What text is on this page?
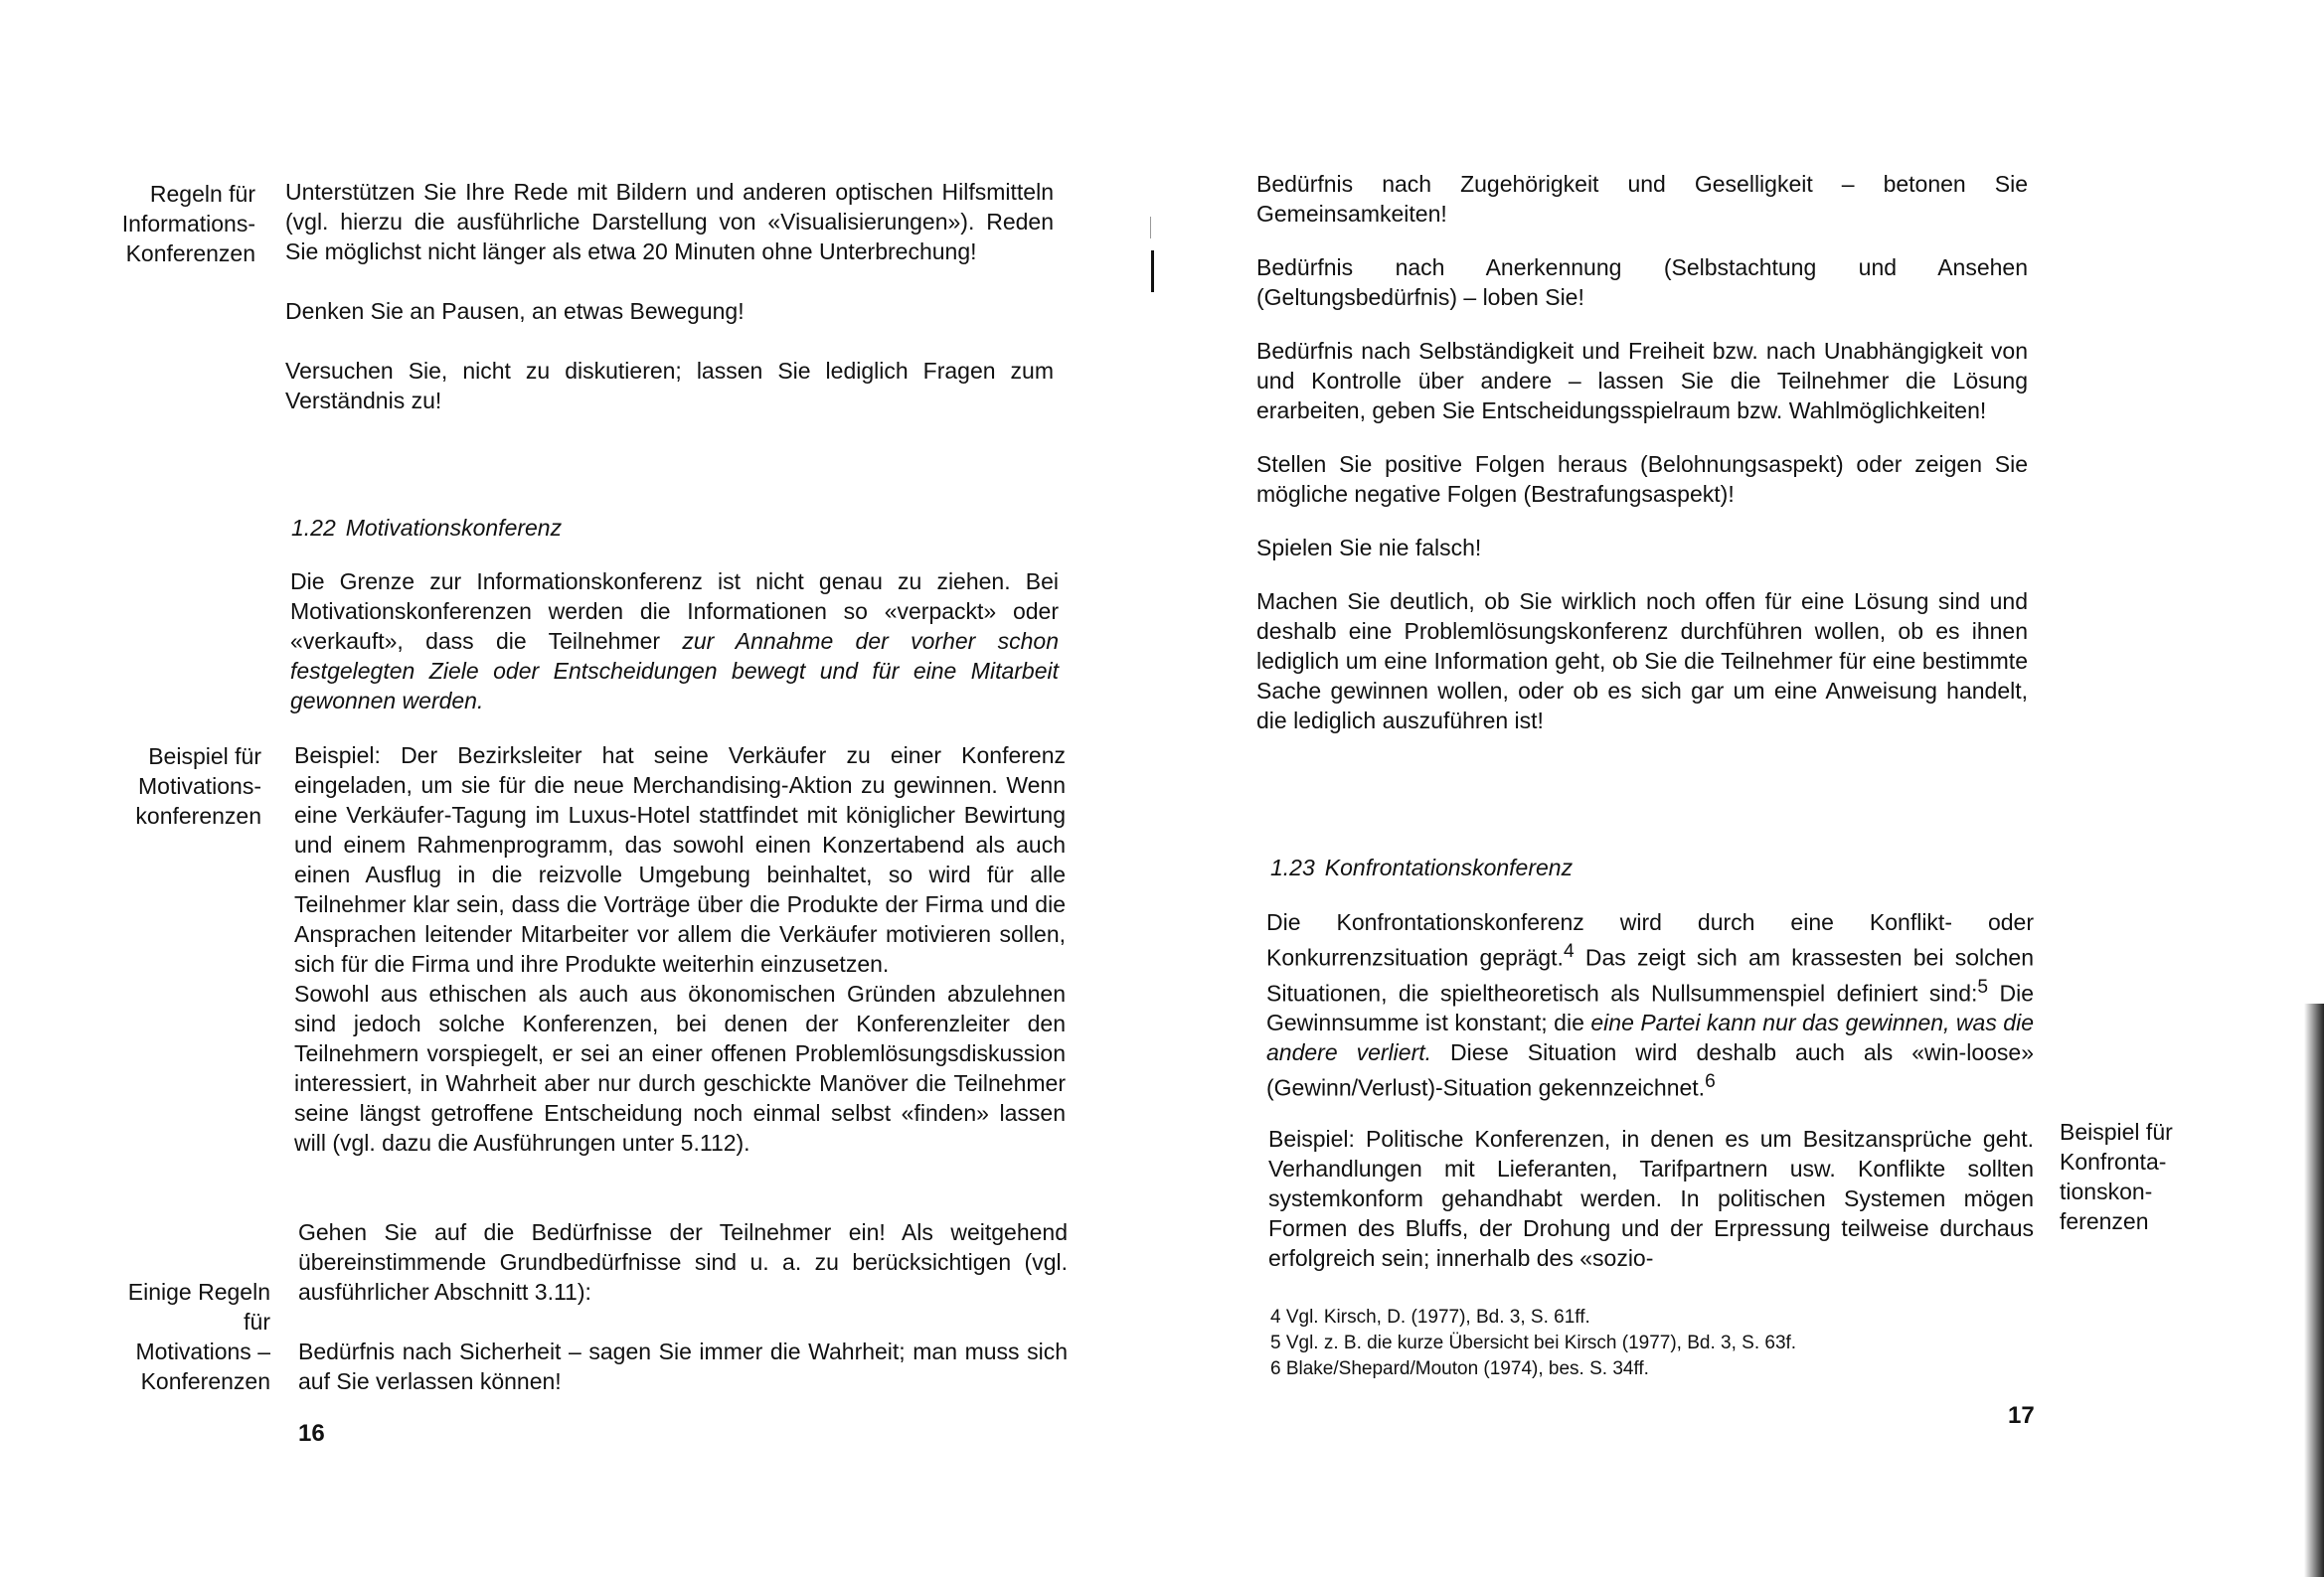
Regeln für
Informations-
Konferenzen

Unterstützen Sie Ihre Rede mit Bildern und anderen optischen Hilfsmitteln (vgl. hierzu die ausführliche Darstellung von «Visualisierungen»). Reden Sie möglichst nicht länger als etwa 20 Minuten ohne Unterbrechung!

Denken Sie an Pausen, an etwas Bewegung!

Versuchen Sie, nicht zu diskutieren; lassen Sie lediglich Fragen zum Verständnis zu!

1.22 Motivationskonferenz

Die Grenze zur Informationskonferenz ist nicht genau zu ziehen. Bei Motivationskonferenzen werden die Informationen so «verpackt» oder «verkauft», dass die Teilnehmer zur Annahme der vorher schon festgelegten Ziele oder Entscheidungen bewegt und für eine Mitarbeit gewonnen werden.

Beispiel für
Motivations-
konferenzen

Beispiel: Der Bezirksleiter hat seine Verkäufer zu einer Konferenz eingeladen, um sie für die neue Merchandising-Aktion zu gewinnen. Wenn eine Verkäufer-Tagung im Luxus-Hotel stattfindet mit königlicher Bewirtung und einem Rahmenprogramm, das sowohl einen Konzertabend als auch einen Ausflug in die reizvolle Umgebung beinhaltet, so wird für alle Teilnehmer klar sein, dass die Vorträge über die Produkte der Firma und die Ansprachen leitender Mitarbeiter vor allem die Verkäufer motivieren sollen, sich für die Firma und ihre Produkte weiterhin einzusetzen.

Sowohl aus ethischen als auch aus ökonomischen Gründen abzulehnen sind jedoch solche Konferenzen, bei denen der Konferenzleiter den Teilnehmern vorspiegelt, er sei an einer offenen Problemlösungsdiskussion interessiert, in Wahrheit aber nur durch geschickte Manöver die Teilnehmer seine längst getroffene Entscheidung noch einmal selbst «finden» lassen will (vgl. dazu die Ausführungen unter 5.112).

Einige Regeln
für
Motivations –
Konferenzen

Gehen Sie auf die Bedürfnisse der Teilnehmer ein! Als weitgehend übereinstimmende Grundbedürfnisse sind u. a. zu berücksichtigen (vgl. ausführlicher Abschnitt 3.11):

Bedürfnis nach Sicherheit – sagen Sie immer die Wahrheit; man muss sich auf Sie verlassen können!

16

Bedürfnis nach Zugehörigkeit und Geselligkeit – betonen Sie Gemeinsamkeiten!

Bedürfnis nach Anerkennung (Selbstachtung und Ansehen (Geltungsbedürfnis) – loben Sie!

Bedürfnis nach Selbständigkeit und Freiheit bzw. nach Unabhängigkeit von und Kontrolle über andere – lassen Sie die Teilnehmer die Lösung erarbeiten, geben Sie Entscheidungsspielraum bzw. Wahlmöglichkeiten!

Stellen Sie positive Folgen heraus (Belohnungsaspekt) oder zeigen Sie mögliche negative Folgen (Bestrafungsaspekt)!

Spielen Sie nie falsch!

Machen Sie deutlich, ob Sie wirklich noch offen für eine Lösung sind und deshalb eine Problemlösungskonferenz durchführen wollen, ob es ihnen lediglich um eine Information geht, ob Sie die Teilnehmer für eine bestimmte Sache gewinnen wollen, oder ob es sich gar um eine Anweisung handelt, die lediglich auszuführen ist!

1.23 Konfrontationskonferenz

Die Konfrontationskonferenz wird durch eine Konflikt- oder Konkurrenzsituation geprägt.$^4$ Das zeigt sich am krassesten bei solchen Situationen, die spieltheoretisch als Nullsummenspiel definiert sind:$^5$ Die Gewinnsumme ist konstant; die eine Partei kann nur das gewinnen, was die andere verliert. Diese Situation wird deshalb auch als «win-loose» (Gewinn/Verlust)-Situation gekennzeichnet.$^6$

Beispiel: Politische Konferenzen, in denen es um Besitzansprüche geht. Verhandlungen mit Lieferanten, Tarifpartnern usw. Konflikte sollten systemkonform gehandhabt werden. In politischen Systemen mögen Formen des Bluffs, der Drohung und der Erpressung teilweise durchaus erfolgreich sein; innerhalb des «sozio-

Beispiel für
Konfronta-
tionskon-
ferenzen
4 Vgl. Kirsch, D. (1977), Bd. 3, S. 61ff.
5 Vgl. z. B. die kurze Übersicht bei Kirsch (1977), Bd. 3, S. 63f.
6 Blake/Shepard/Mouton (1974), bes. S. 34ff.
17
